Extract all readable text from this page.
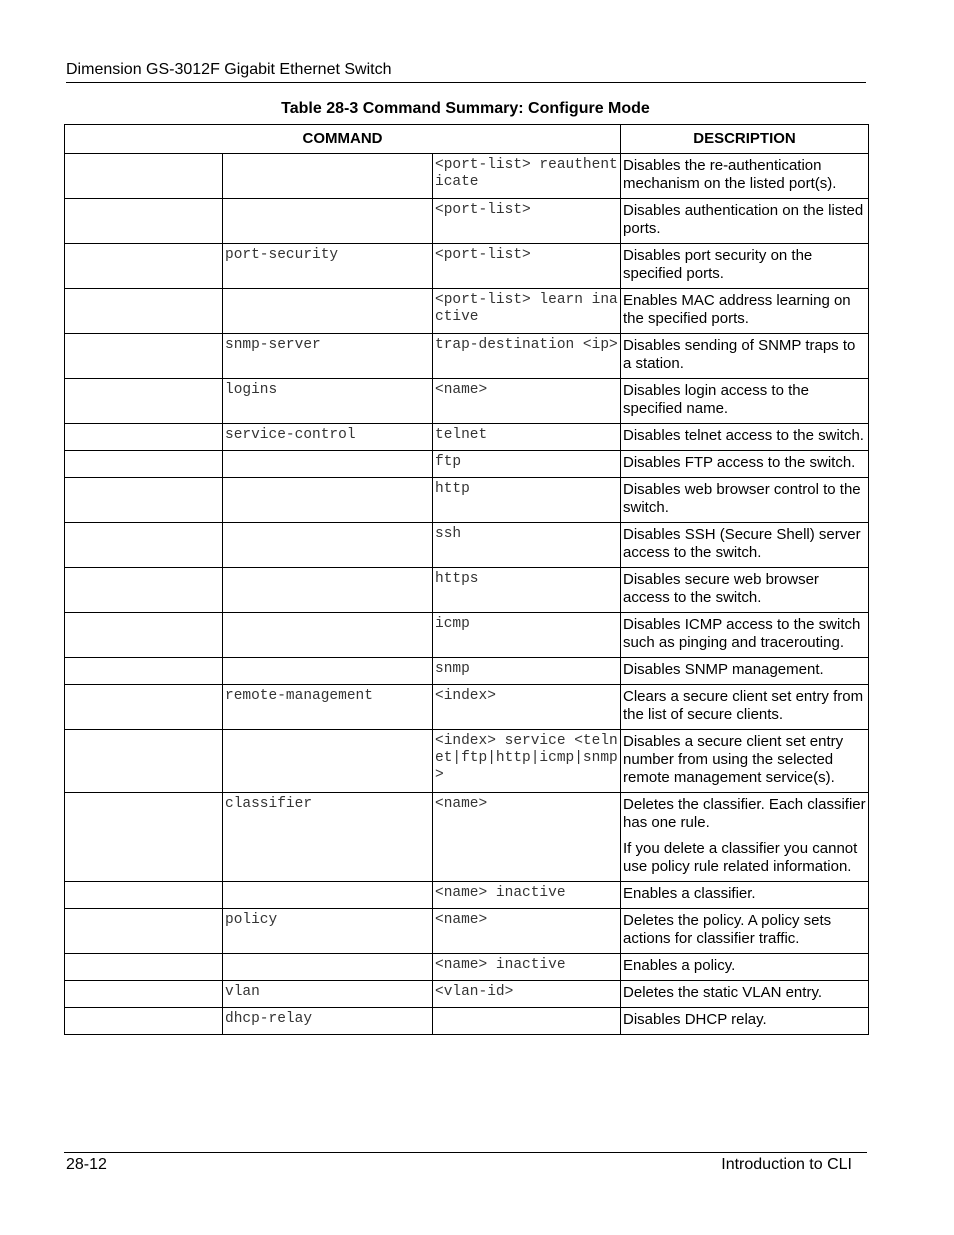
Dimension GS-3012F Gigabit Ethernet Switch
Table 28-3 Command Summary: Configure Mode
COMMAND			DESCRIPTION
		<port-list> reauthenticate	Disables the re-authentication mechanism on the listed port(s).

		<port-list>	Disables authentication on the listed ports.

	port-security	<port-list>	Disables port security on the specified ports.

		<port-list> learn inactive	Enables MAC address learning on the specified ports.

	snmp-server	trap-destination <ip>	Disables sending of SNMP traps to a station.

	logins	<name>	Disables login access to the specified name.

	service-control	telnet	Disables telnet access to the switch.

		ftp	Disables FTP access to the switch.

		http	Disables web browser control to the switch.

		ssh	Disables SSH (Secure Shell) server access to the switch.

		https	Disables secure web browser access to the switch.

		icmp	Disables ICMP access to the switch such as pinging and tracerouting.

		snmp	Disables SNMP management.

	remote-management	<index>	Clears a secure client set entry from the list of secure clients.

		<index> service <telnet|ftp|http|icmp|snmp>	Disables a secure client set entry number from using the selected remote management service(s).

	classifier	<name>	Deletes the classifier. Each classifier has one rule.

If you delete a classifier you cannot use policy rule related information.

		<name> inactive	Enables a classifier.

	policy	<name>	Deletes the policy. A policy sets actions for classifier traffic.

		<name> inactive	Enables a policy.

	vlan	<vlan-id>	Deletes the static VLAN entry.

	dhcp-relay		Disables DHCP relay.

28-12	Introduction to CLI
